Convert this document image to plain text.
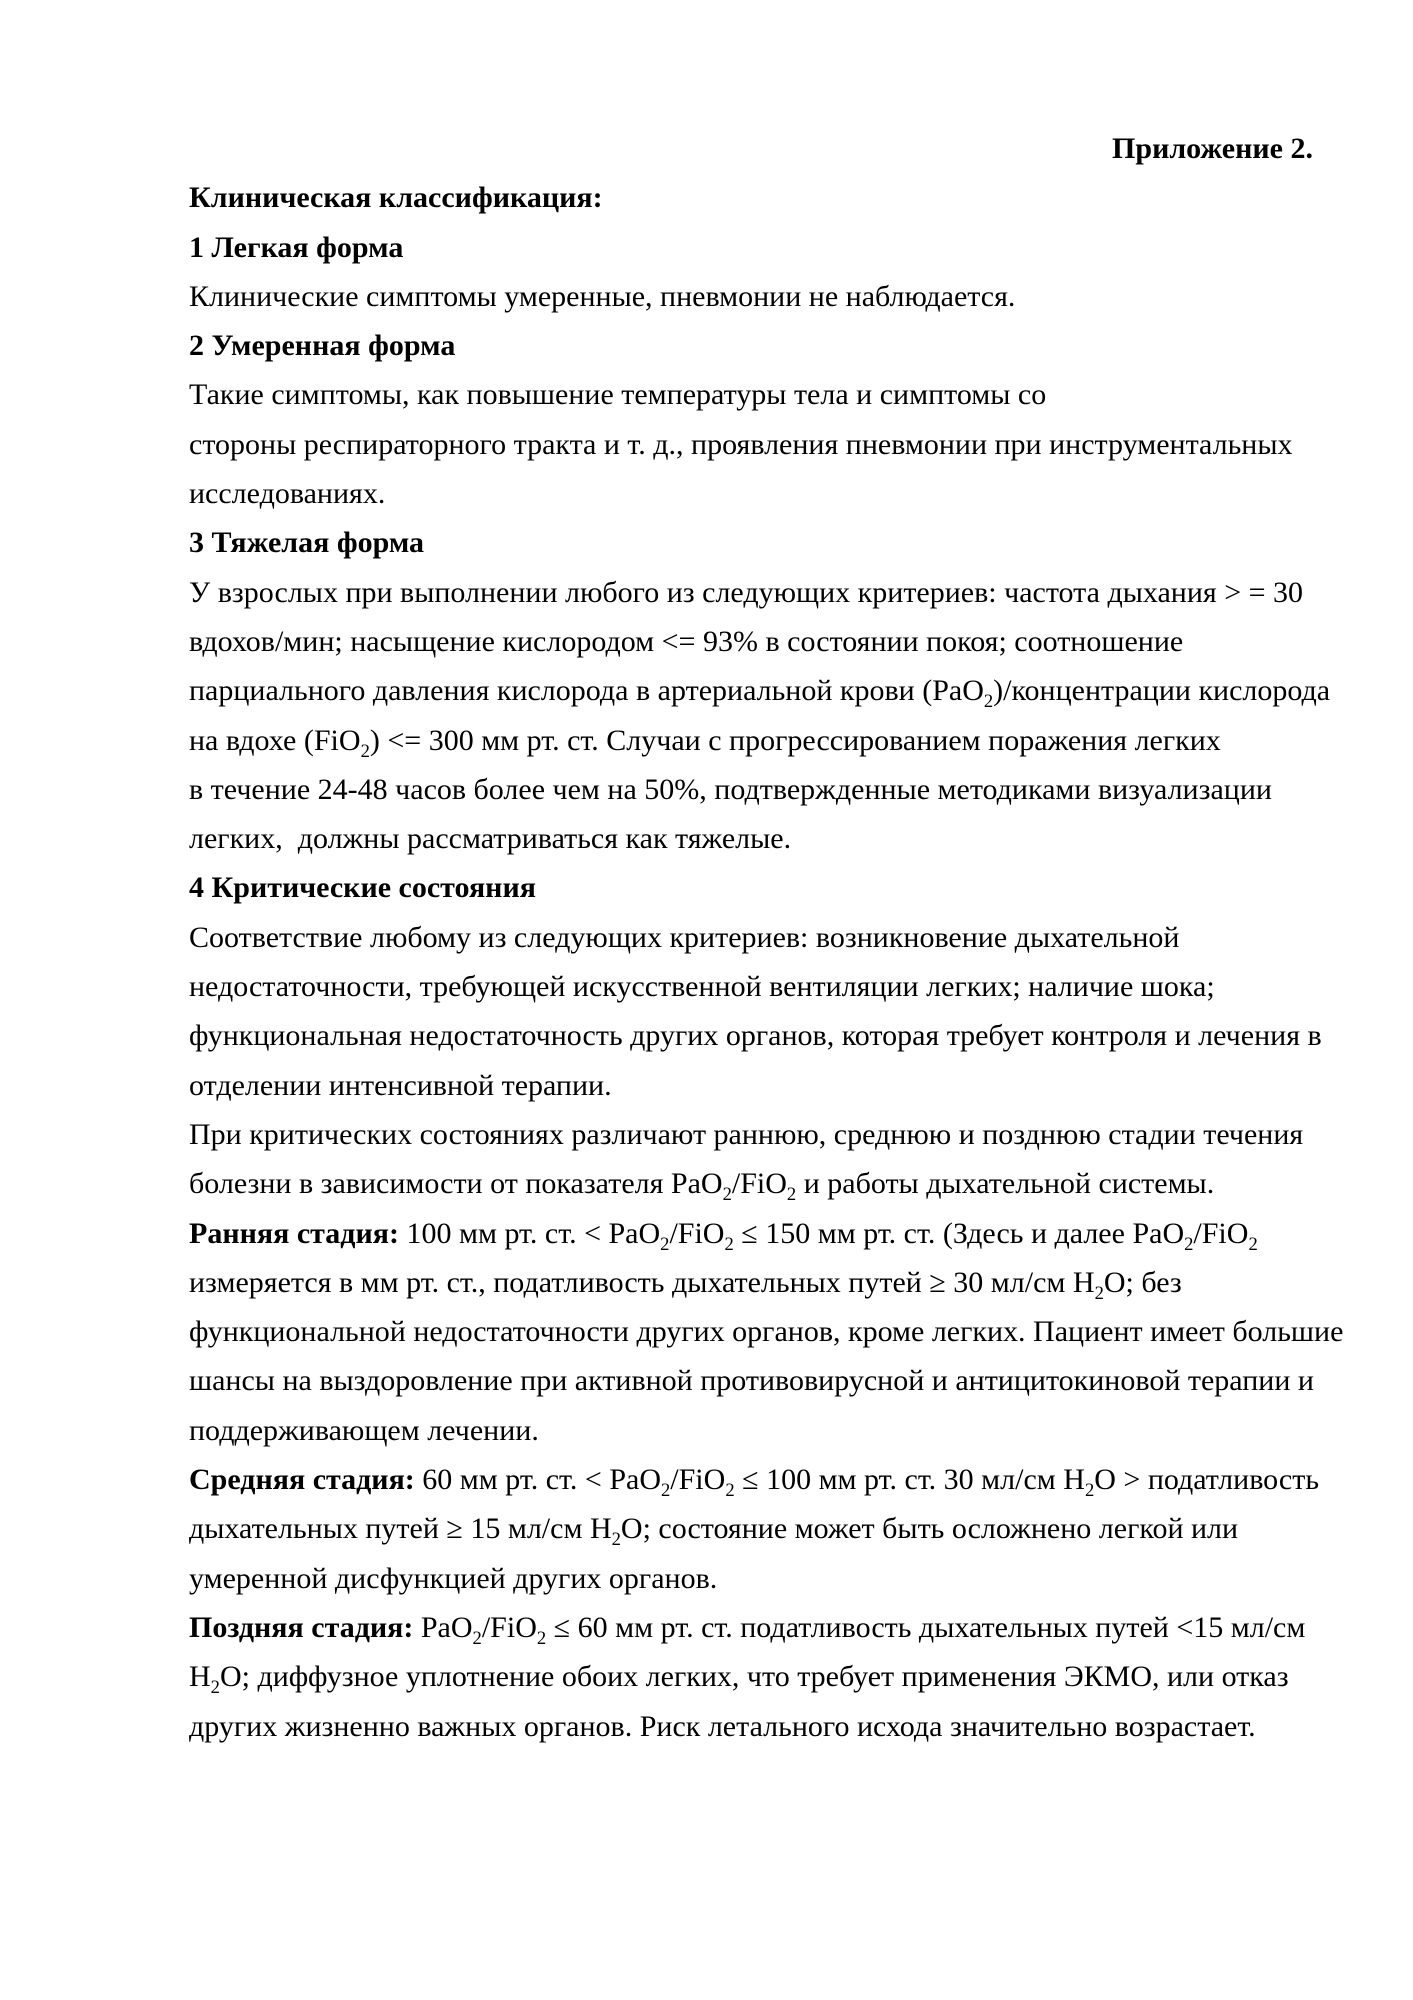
Приложение 2.
Клиническая классификация:
1 Легкая форма
Клинические симптомы умеренные, пневмонии не наблюдается.
2 Умеренная форма
Такие симптомы, как повышение температуры тела и симптомы со
стороны респираторного тракта и т. д., проявления пневмонии при инструментальных
исследованиях.
3 Тяжелая форма
У взрослых при выполнении любого из следующих критериев: частота дыхания > = 30
вдохов/мин; насыщение кислородом <= 93% в состоянии покоя; соотношение
парциального давления кислорода в артериальной крови (PaO$_2$)/концентрации кислорода
на вдохе (FiO$_2$) <= 300 мм рт. ст. Случаи с прогрессированием поражения легких
в течение 24-48 часов более чем на 50%, подтвержденные методиками визуализации
легких,  должны рассматриваться как тяжелые.
4 Критические состояния
Соответствие любому из следующих критериев: возникновение дыхательной
недостаточности, требующей искусственной вентиляции легких; наличие шока;
функциональная недостаточность других органов, которая требует контроля и лечения в
отделении интенсивной терапии.
При критических состояниях различают раннюю, среднюю и позднюю стадии течения
болезни в зависимости от показателя PaO$_2$/FiO$_2$ и работы дыхательной системы.
Ранняя стадия: 100 мм рт. ст. < PaO$_2$/FiO$_2$ ≤ 150 мм рт. ст. (Здесь и далее PaO$_2$/FiO$_2$
измеряется в мм рт. ст., податливость дыхательных путей ≥ 30 мл/см $H_2O$; без
функциональной недостаточности других органов, кроме легких. Пациент имеет большие
шансы на выздоровление при активной противовирусной и антицитокиновой терапии и
поддерживающем лечении.
Средняя стадия: 60 мм рт. ст. < PaO$_2$/FiO$_2$ ≤ 100 мм рт. ст. 30 мл/см $H_2O$ > податливость
дыхательных путей ≥ 15 мл/см $H_2O$; состояние может быть осложнено легкой или
умеренной дисфункцией других органов.
Поздняя стадия: PaO$_2$/FiO$_2$ ≤ 60 мм рт. ст. податливость дыхательных путей <15 мл/см
$H_2O$; диффузное уплотнение обоих легких, что требует применения ЭКМО, или отказ
других жизненно важных органов. Риск летального исхода значительно возрастает.
